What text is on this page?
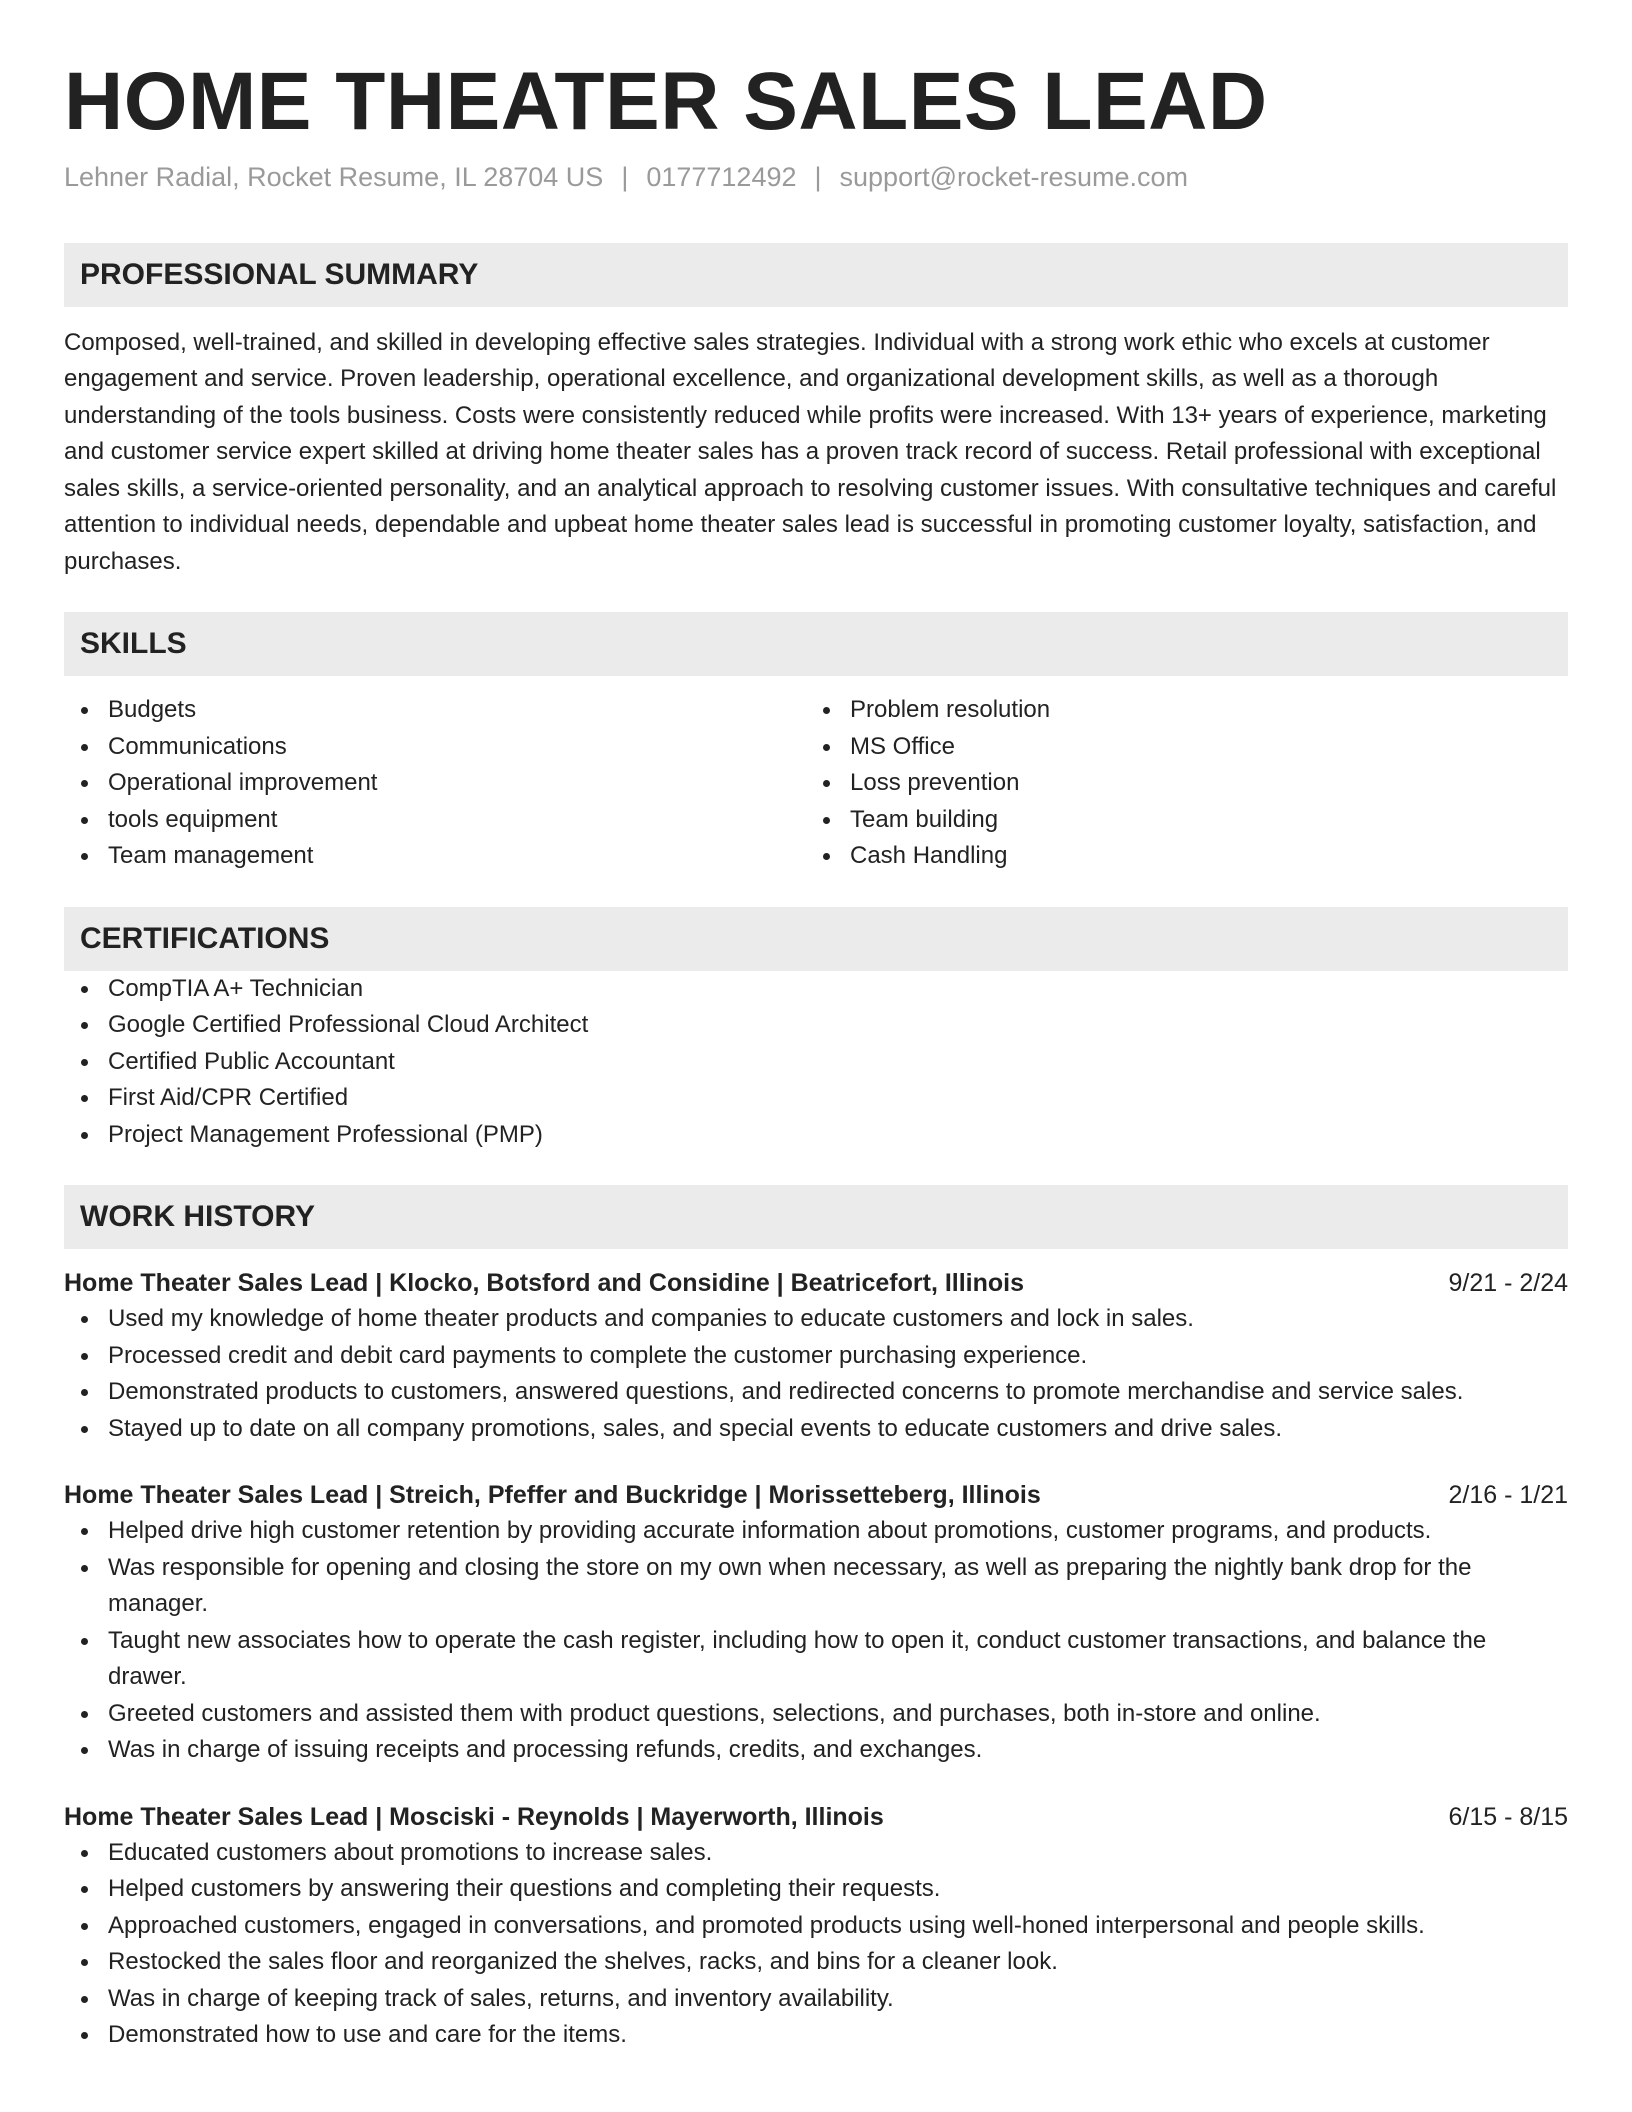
HOME THEATER SALES LEAD
Lehner Radial, Rocket Resume, IL 28704 US | 0177712492 | support@rocket-resume.com
PROFESSIONAL SUMMARY
Composed, well-trained, and skilled in developing effective sales strategies. Individual with a strong work ethic who excels at customer engagement and service. Proven leadership, operational excellence, and organizational development skills, as well as a thorough understanding of the tools business. Costs were consistently reduced while profits were increased. With 13+ years of experience, marketing and customer service expert skilled at driving home theater sales has a proven track record of success. Retail professional with exceptional sales skills, a service-oriented personality, and an analytical approach to resolving customer issues. With consultative techniques and careful attention to individual needs, dependable and upbeat home theater sales lead is successful in promoting customer loyalty, satisfaction, and purchases.
SKILLS
Budgets
Communications
Operational improvement
tools equipment
Team management
Problem resolution
MS Office
Loss prevention
Team building
Cash Handling
CERTIFICATIONS
CompTIA A+ Technician
Google Certified Professional Cloud Architect
Certified Public Accountant
First Aid/CPR Certified
Project Management Professional (PMP)
WORK HISTORY
Home Theater Sales Lead | Klocko, Botsford and Considine | Beatricefort, Illinois	9/21 - 2/24
Used my knowledge of home theater products and companies to educate customers and lock in sales.
Processed credit and debit card payments to complete the customer purchasing experience.
Demonstrated products to customers, answered questions, and redirected concerns to promote merchandise and service sales.
Stayed up to date on all company promotions, sales, and special events to educate customers and drive sales.
Home Theater Sales Lead | Streich, Pfeffer and Buckridge | Morissetteberg, Illinois	2/16 - 1/21
Helped drive high customer retention by providing accurate information about promotions, customer programs, and products.
Was responsible for opening and closing the store on my own when necessary, as well as preparing the nightly bank drop for the manager.
Taught new associates how to operate the cash register, including how to open it, conduct customer transactions, and balance the drawer.
Greeted customers and assisted them with product questions, selections, and purchases, both in-store and online.
Was in charge of issuing receipts and processing refunds, credits, and exchanges.
Home Theater Sales Lead | Mosciski - Reynolds | Mayerworth, Illinois	6/15 - 8/15
Educated customers about promotions to increase sales.
Helped customers by answering their questions and completing their requests.
Approached customers, engaged in conversations, and promoted products using well-honed interpersonal and people skills.
Restocked the sales floor and reorganized the shelves, racks, and bins for a cleaner look.
Was in charge of keeping track of sales, returns, and inventory availability.
Demonstrated how to use and care for the items.
